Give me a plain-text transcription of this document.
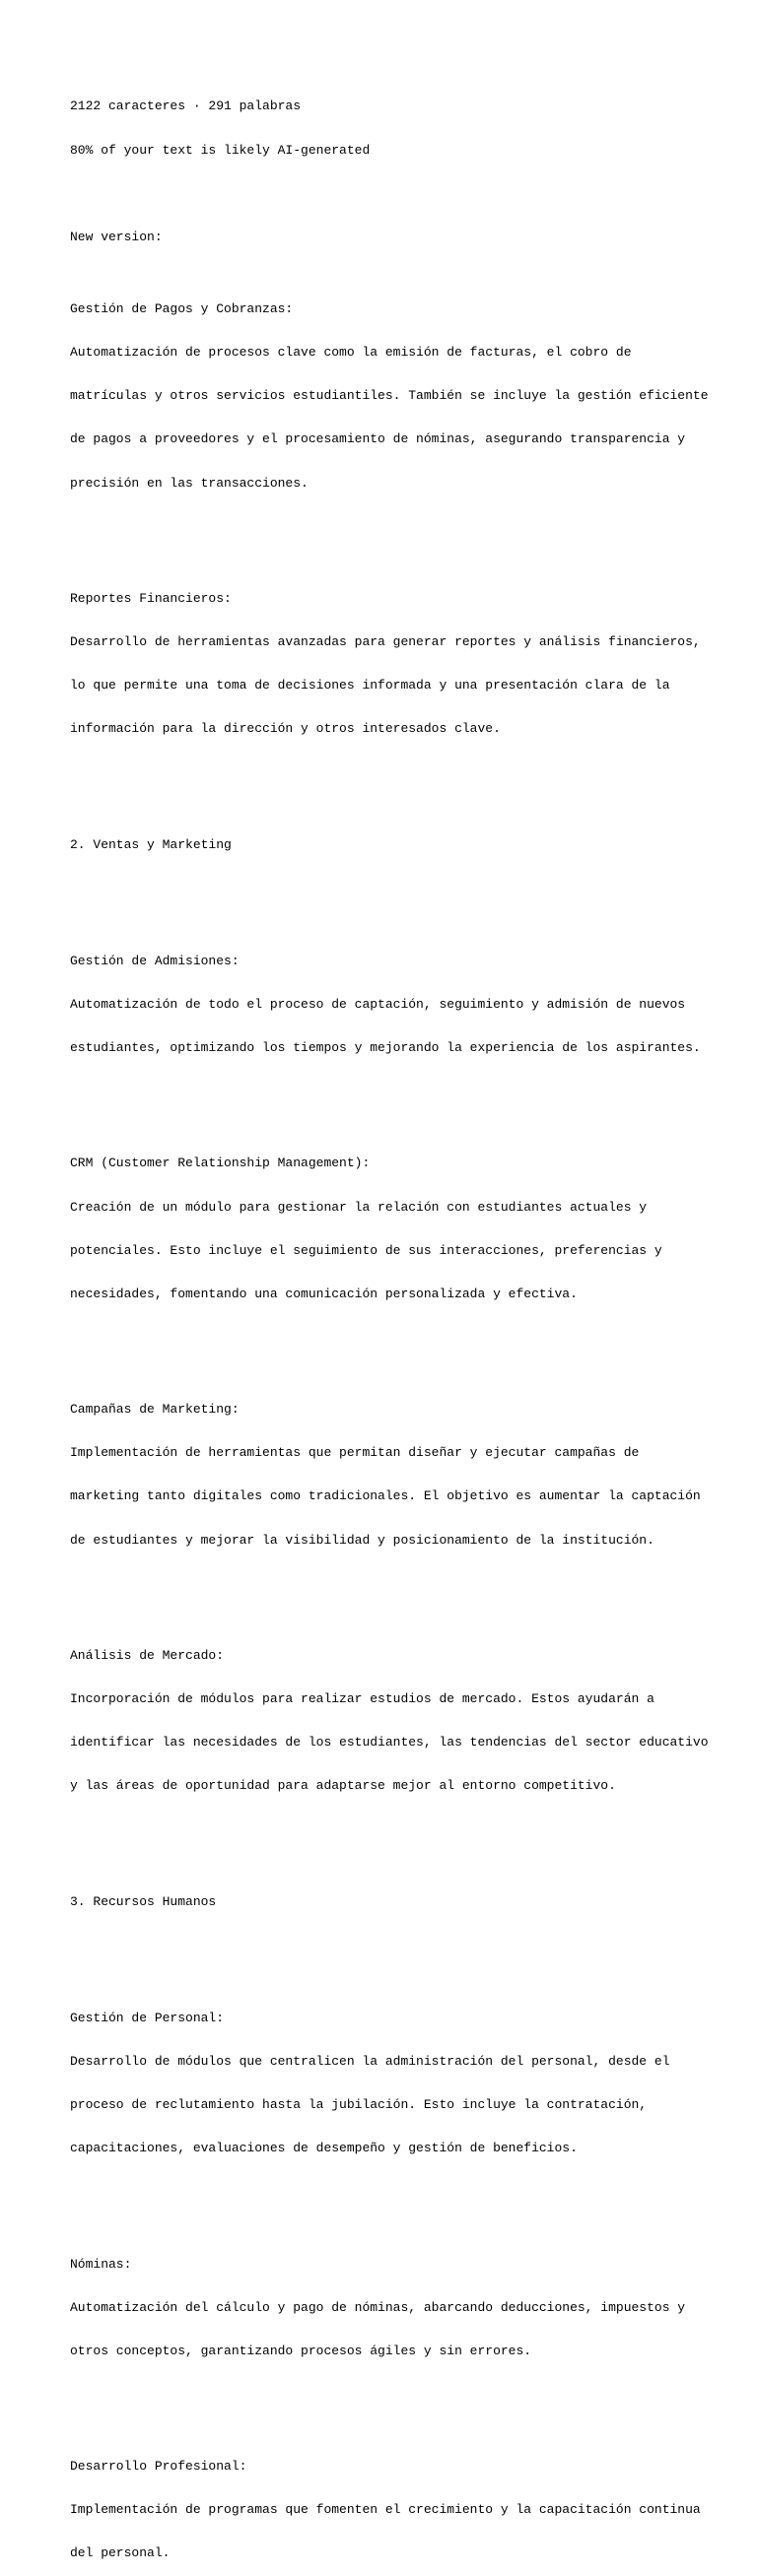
2122 caracteres · 291 palabras

80% of your text is likely AI-generated

New version:

Gestión de Pagos y Cobranzas:

Automatización de procesos clave como la emisión de facturas, el cobro de

matrículas y otros servicios estudiantiles. También se incluye la gestión eficiente

de pagos a proveedores y el procesamiento de nóminas, asegurando transparencia y

precisión en las transacciones.

Reportes Financieros:

Desarrollo de herramientas avanzadas para generar reportes y análisis financieros,

lo que permite una toma de decisiones informada y una presentación clara de la

información para la dirección y otros interesados clave.

2. Ventas y Marketing

Gestión de Admisiones:

Automatización de todo el proceso de captación, seguimiento y admisión de nuevos

estudiantes, optimizando los tiempos y mejorando la experiencia de los aspirantes.

CRM (Customer Relationship Management):

Creación de un módulo para gestionar la relación con estudiantes actuales y

potenciales. Esto incluye el seguimiento de sus interacciones, preferencias y

necesidades, fomentando una comunicación personalizada y efectiva.

Campañas de Marketing:

Implementación de herramientas que permitan diseñar y ejecutar campañas de

marketing tanto digitales como tradicionales. El objetivo es aumentar la captación

de estudiantes y mejorar la visibilidad y posicionamiento de la institución.

Análisis de Mercado:

Incorporación de módulos para realizar estudios de mercado. Estos ayudarán a

identificar las necesidades de los estudiantes, las tendencias del sector educativo

y las áreas de oportunidad para adaptarse mejor al entorno competitivo.

3. Recursos Humanos

Gestión de Personal:

Desarrollo de módulos que centralicen la administración del personal, desde el

proceso de reclutamiento hasta la jubilación. Esto incluye la contratación,

capacitaciones, evaluaciones de desempeño y gestión de beneficios.

Nóminas:

Automatización del cálculo y pago de nóminas, abarcando deducciones, impuestos y

otros conceptos, garantizando procesos ágiles y sin errores.

Desarrollo Profesional:

Implementación de programas que fomenten el crecimiento y la capacitación continua

del personal.
